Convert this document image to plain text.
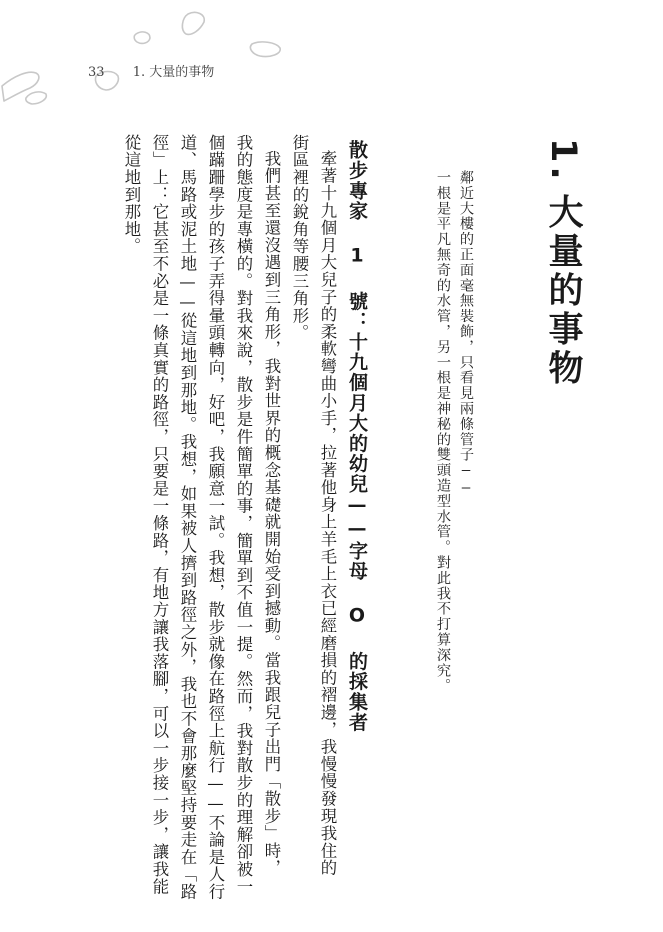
33 1. 大量的事物
1.大量的事物
鄰近大樓的正面毫無裝飾，只看見兩條管子——
一根是平凡無奇的水管，另一根是神秘的雙頭造型水管。對此我不打算深究。
散步專家 1 號：十九個月大的幼兒——字母 O 的採集者
牽著十九個月大兒子的柔軟彎曲小手，拉著他身上羊毛上衣已經磨損的褶邊，我慢慢發現我住的
街區裡的銳角等腰三角形。
我們甚至還沒遇到三角形，我對世界的概念基礎就開始受到撼動。當我跟兒子出門「散步」時，
我的態度是專橫的。對我來說，散步是件簡單的事，簡單到不值一提。然而，我對散步的理解卻被一
個蹣跚學步的孩子弄得暈頭轉向，好吧，我願意一試。我想，散步就像在路徑上航行——不論是人行
道、馬路或泥土地——從這地到那地。我想，如果被人擠到路徑之外，我也不會那麼堅持要走在「路
徑」上：它甚至不必是一條真實的路徑，只要是一條路，有地方讓我落腳，可以一步接一步，讓我能
從這地到那地。
